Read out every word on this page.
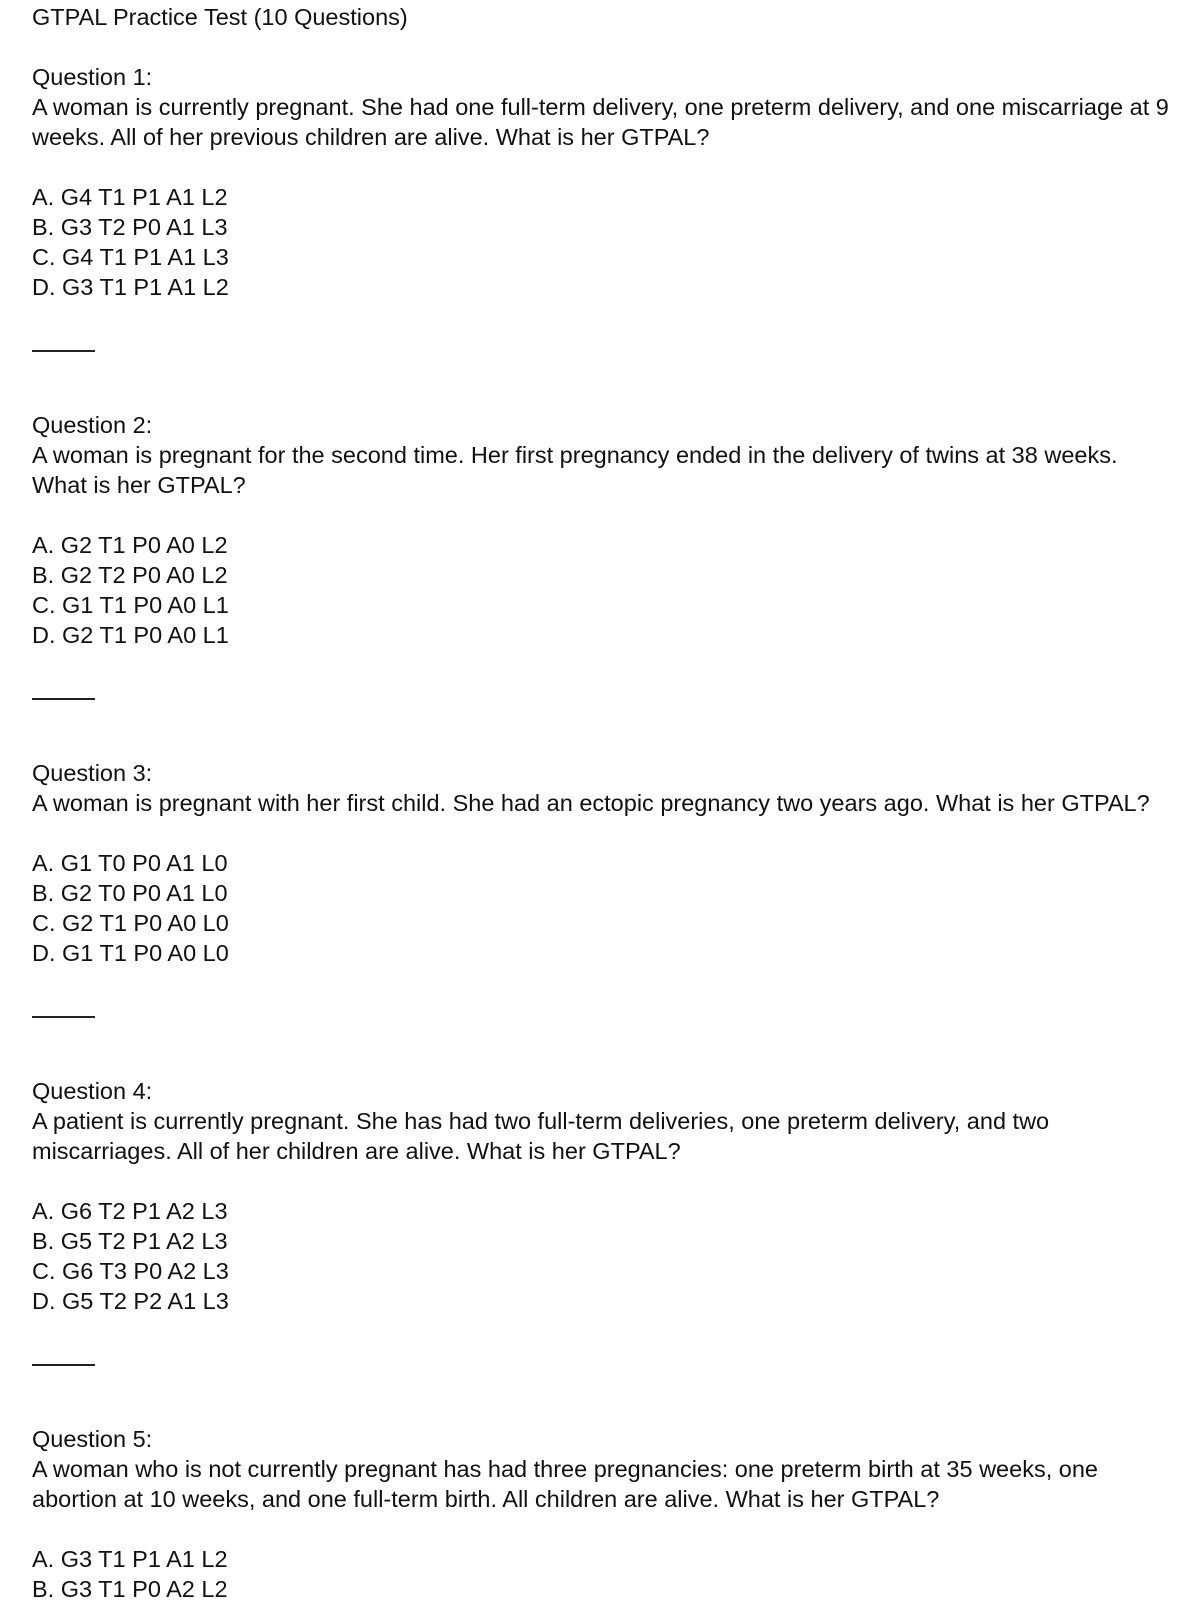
GTPAL Practice Test (10 Questions)
Question 1:

A woman is currently pregnant. She had one full-term delivery, one preterm delivery, and one miscarriage at 9 weeks. All of her previous children are alive. What is her GTPAL?

A. G4 T1 P1 A1 L2
B. G3 T2 P0 A1 L3
C. G4 T1 P1 A1 L3
D. G3 T1 P1 A1 L2
Question 2:

A woman is pregnant for the second time. Her first pregnancy ended in the delivery of twins at 38 weeks. What is her GTPAL?

A. G2 T1 P0 A0 L2
B. G2 T2 P0 A0 L2
C. G1 T1 P0 A0 L1
D. G2 T1 P0 A0 L1
Question 3:

A woman is pregnant with her first child. She had an ectopic pregnancy two years ago. What is her GTPAL?

A. G1 T0 P0 A1 L0
B. G2 T0 P0 A1 L0
C. G2 T1 P0 A0 L0
D. G1 T1 P0 A0 L0
Question 4:

A patient is currently pregnant. She has had two full-term deliveries, one preterm delivery, and two miscarriages. All of her children are alive. What is her GTPAL?

A. G6 T2 P1 A2 L3
B. G5 T2 P1 A2 L3
C. G6 T3 P0 A2 L3
D. G5 T2 P2 A1 L3
Question 5:

A woman who is not currently pregnant has had three pregnancies: one preterm birth at 35 weeks, one abortion at 10 weeks, and one full-term birth. All children are alive. What is her GTPAL?

A. G3 T1 P1 A1 L2
B. G3 T1 P0 A2 L2
